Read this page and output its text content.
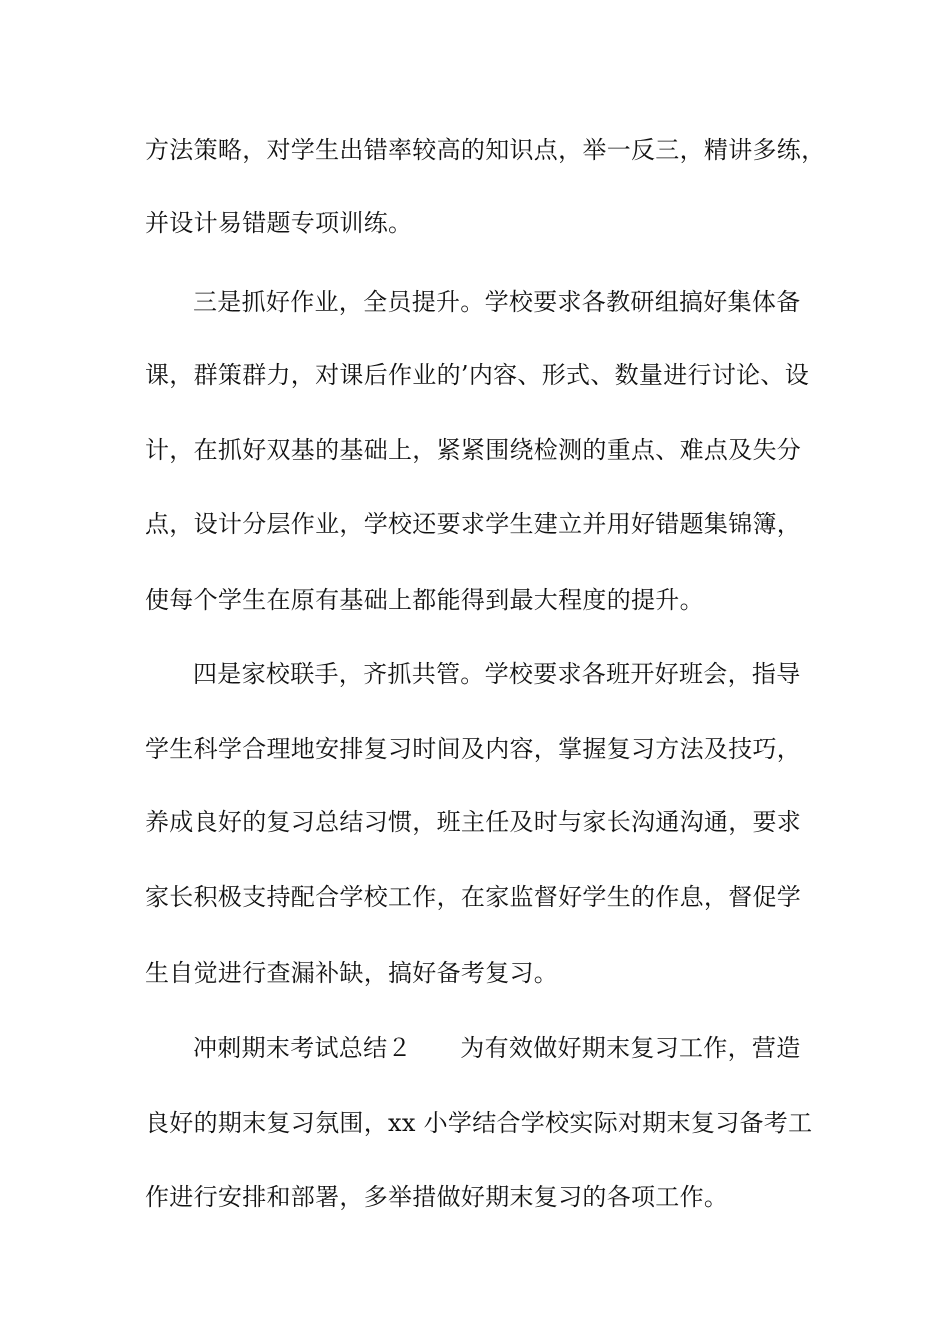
方法策略，对学生出错率较高的知识点，举一反三，精讲多练，
并设计易错题专项训练。
三是抓好作业，全员提升。学校要求各教研组搞好集体备
课，群策群力，对课后作业的’内容、形式、数量进行讨论、设
计，在抓好双基的基础上，紧紧围绕检测的重点、难点及失分
点，设计分层作业，学校还要求学生建立并用好错题集锦簿，
使每个学生在原有基础上都能得到最大程度的提升。
四是家校联手，齐抓共管。学校要求各班开好班会，指导
学生科学合理地安排复习时间及内容，掌握复习方法及技巧，
养成良好的复习总结习惯，班主任及时与家长沟通沟通，要求
家长积极支持配合学校工作，在家监督好学生的作息，督促学
生自觉进行查漏补缺，搞好备考复习。
冲刺期末考试总结２　　为有效做好期末复习工作，营造
良好的期末复习氛围，xx 小学结合学校实际对期末复习备考工
作进行安排和部署，多举措做好期末复习的各项工作。
